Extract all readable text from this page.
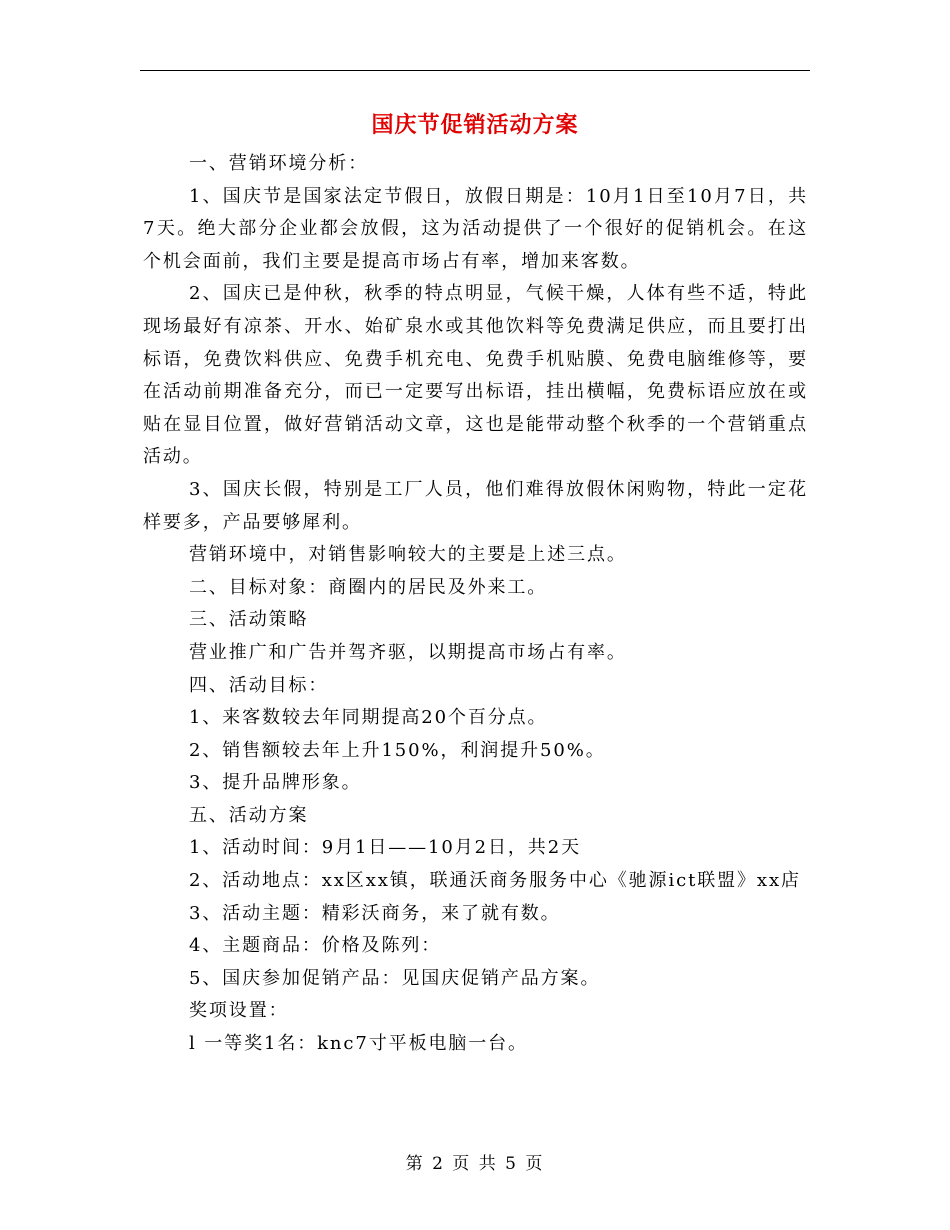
国庆节促销活动方案

一、营销环境分析：

1、国庆节是国家法定节假日，放假日期是：10月1日至10月7日，共7天。绝大部分企业都会放假，这为活动提供了一个很好的促销机会。在这个机会面前，我们主要是提高市场占有率，增加来客数。

2、国庆已是仲秋，秋季的特点明显，气候干燥，人体有些不适，特此现场最好有凉茶、开水、始矿泉水或其他饮料等免费满足供应，而且要打出标语，免费饮料供应、免费手机充电、免费手机贴膜、免费电脑维修等，要在活动前期准备充分，而已一定要写出标语，挂出横幅，免费标语应放在或贴在显目位置，做好营销活动文章，这也是能带动整个秋季的一个营销重点活动。

3、国庆长假，特别是工厂人员，他们难得放假休闲购物，特此一定花样要多，产品要够犀利。

营销环境中，对销售影响较大的主要是上述三点。

二、目标对象：商圈内的居民及外来工。

三、活动策略

营业推广和广告并驾齐驱，以期提高市场占有率。

四、活动目标：

1、来客数较去年同期提高20个百分点。

2、销售额较去年上升150%，利润提升50%。

3、提升品牌形象。

五、活动方案

1、活动时间：9月1日——10月2日，共2天

2、活动地点：xx区xx镇，联通沃商务服务中心《驰源ict联盟》xx店

3、活动主题：精彩沃商务，来了就有数。

4、主题商品：价格及陈列：

5、国庆参加促销产品：见国庆促销产品方案。

奖项设置：

l 一等奖1名：knc7寸平板电脑一台。

第 2 页 共 5 页
